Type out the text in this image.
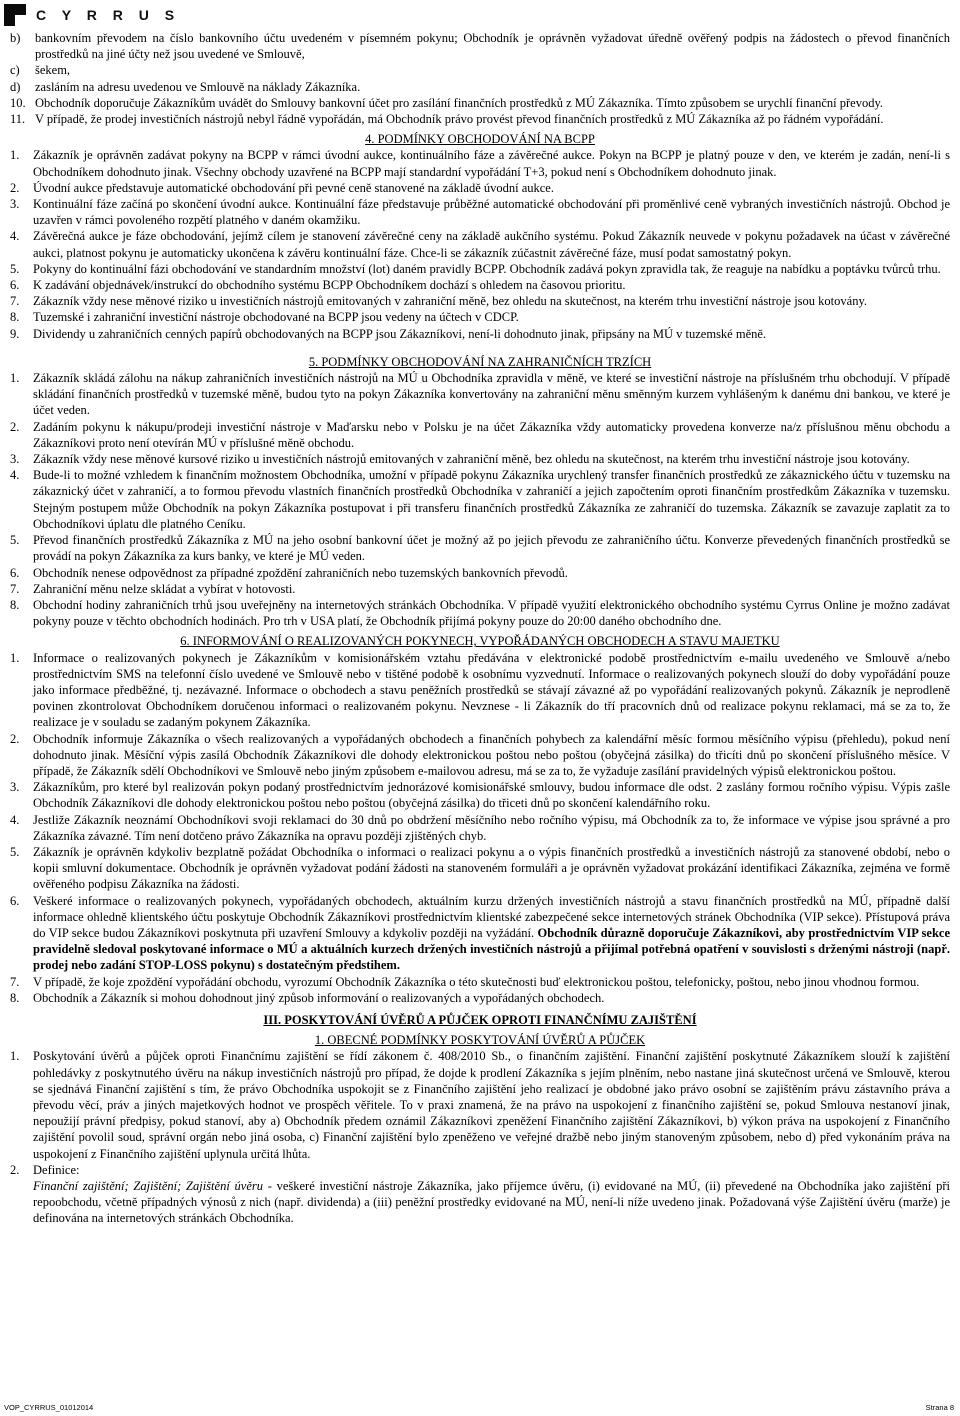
C Y R R U S
b) bankovním převodem na číslo bankovního účtu uvedeném v písemném pokynu; Obchodník je oprávněn vyžadovat úředně ověřený podpis na žádostech o převod finančních prostředků na jiné účty než jsou uvedené ve Smlouvě,
c) šekem,
d) zasláním na adresu uvedenou ve Smlouvě na náklady Zákazníka.
10. Obchodník doporučuje Zákazníkům uvádět do Smlouvy bankovní účet pro zasílání finančních prostředků z MÚ Zákazníka. Tímto způsobem se urychlí finanční převody.
11. V případě, že prodej investičních nástrojů nebyl řádně vypořádán, má Obchodník právo provést převod finančních prostředků z MÚ Zákazníka až po řádném vypořádání.
4. PODMÍNKY OBCHODOVÁNÍ NA BCPP
1. Zákazník je oprávněn zadávat pokyny na BCPP v rámci úvodní aukce, kontinuálního fáze a závěrečné aukce. Pokyn na BCPP je platný pouze v den, ve kterém je zadán, není-li s Obchodníkem dohodnuto jinak. Všechny obchody uzavřené na BCPP mají standardní vypořádání T+3, pokud není s Obchodníkem dohodnuto jinak.
2. Úvodní aukce představuje automatické obchodování při pevné ceně stanovené na základě úvodní aukce.
3. Kontinuální fáze začíná po skončení úvodní aukce. Kontinuální fáze představuje průběžné automatické obchodování při proměnlivé ceně vybraných investičních nástrojů. Obchod je uzavřen v rámci povoleného rozpětí platného v daném okamžiku.
4. Závěrečná aukce je fáze obchodování, jejímž cílem je stanovení závěrečné ceny na základě aukčního systému. Pokud Zákazník neuvede v pokynu požadavek na účast v závěrečné aukci, platnost pokynu je automaticky ukončena k závěru kontinuální fáze. Chce-li se zákazník zúčastnit závěrečné fáze, musí podat samostatný pokyn.
5. Pokyny do kontinuální fázi obchodování ve standardním množství (lot) daném pravidly BCPP. Obchodník zadává pokyn zpravidla tak, že reaguje na nabídku a poptávku tvůrců trhu.
6. K zadávání objednávek/instrukcí do obchodního systému BCPP Obchodníkem dochází s ohledem na časovou prioritu.
7. Zákazník vždy nese měnové riziko u investičních nástrojů emitovaných v zahraniční měně, bez ohledu na skutečnost, na kterém trhu investiční nástroje jsou kotovány.
8. Tuzemské i zahraniční investiční nástroje obchodované na BCPP jsou vedeny na účtech v CDCP.
9. Dividendy u zahraničních cenných papírů obchodovaných na BCPP jsou Zákazníkovi, není-li dohodnuto jinak, připsány na MÚ v tuzemské měně.
5. PODMÍNKY OBCHODOVÁNÍ NA ZAHRANIČNÍCH TRZÍCH
1. Zákazník skládá zálohu na nákup zahraničních investičních nástrojů na MÚ u Obchodníka zpravidla v měně, ve které se investiční nástroje na příslušném trhu obchodují. V případě skládání finančních prostředků v tuzemské měně, budou tyto na pokyn Zákazníka konvertovány na zahraniční měnu směnným kurzem vyhlášeným k danému dni bankou, ve které je účet veden.
2. Zadáním pokynu k nákupu/prodeji investiční nástroje v Maďarsku nebo v Polsku je na účet Zákazníka vždy automaticky provedena konverze na/z příslušnou měnu obchodu a Zákazníkovi proto není otevírán MÚ v příslušné měně obchodu.
3. Zákazník vždy nese měnové kursové riziko u investičních nástrojů emitovaných v zahraniční měně, bez ohledu na skutečnost, na kterém trhu investiční nástroje jsou kotovány.
4. Bude-li to možné vzhledem k finančním možnostem Obchodníka, umožní v případě pokynu Zákazníka urychlený transfer finančních prostředků ze zákaznického účtu v tuzemsku na zákaznický účet v zahraničí, a to formou převodu vlastních finančních prostředků Obchodníka v zahraničí a jejich započtením oproti finančním prostředkům Zákazníka v tuzemsku. Stejným postupem může Obchodník na pokyn Zákazníka postupovat i při transferu finančních prostředků Zákazníka ze zahraničí do tuzemska. Zákazník se zavazuje zaplatit za to Obchodníkovi úplatu dle platného Ceníku.
5. Převod finančních prostředků Zákazníka z MÚ na jeho osobní bankovní účet je možný až po jejich převodu ze zahraničního účtu. Konverze převedených finančních prostředků se provádí na pokyn Zákazníka za kurs banky, ve které je MÚ veden.
6. Obchodník nenese odpovědnost za případné zpoždění zahraničních nebo tuzemských bankovních převodů.
7. Zahraniční měnu nelze skládat a vybírat v hotovosti.
8. Obchodní hodiny zahraničních trhů jsou uveřejněny na internetových stránkách Obchodníka. V případě využití elektronického obchodního systému Cyrrus Online je možno zadávat pokyny pouze v těchto obchodních hodinách. Pro trh v USA platí, že Obchodník přijímá pokyny pouze do 20:00 daného obchodního dne.
6. INFORMOVÁNÍ O REALIZOVANÝCH POKYNECH, VYPOŘÁDANÝCH OBCHODECH A STAVU MAJETKU
1. Informace o realizovaných pokynech je Zákazníkům v komisionářském vztahu předávána v elektronické podobě prostřednictvím e-mailu uvedeného ve Smlouvě a/nebo prostřednictvím SMS na telefonní číslo uvedené ve Smlouvě nebo v tištěné podobě k osobnímu vyzvednutí. Informace o realizovaných pokynech slouží do doby vypořádání pouze jako informace předběžné, tj. nezávazné. Informace o obchodech a stavu peněžních prostředků se stávají závazné až po vypořádání realizovaných pokynů. Zákazník je neprodleně povinen zkontrolovat Obchodníkem doručenou informaci o realizovaném pokynu. Nevznese - li Zákazník do tří pracovních dnů od realizace pokynu reklamaci, má se za to, že realizace je v souladu se zadaným pokynem Zákazníka.
2. Obchodník informuje Zákazníka o všech realizovaných a vypořádaných obchodech a finančních pohybech za kalendářní měsíc formou měsíčního výpisu (přehledu), pokud není dohodnuto jinak. Měsíční výpis zasílá Obchodník Zákazníkovi dle dohody elektronickou poštou nebo poštou (obyčejná zásilka) do třicíti dnů po skončení příslušného měsíce. V případě, že Zákazník sdělí Obchodníkovi ve Smlouvě nebo jiným způsobem e-mailovou adresu, má se za to, že vyžaduje zasílání pravidelných výpisů elektronickou poštou.
3. Zákazníkům, pro které byl realizován pokyn podaný prostřednictvím jednorázové komisionářské smlouvy, budou informace dle odst. 2 zaslány formou ročního výpisu. Výpis zašle Obchodník Zákazníkovi dle dohody elektronickou poštou nebo poštou (obyčejná zásilka) do třiceti dnů po skončení kalendářního roku.
4. Jestliže Zákazník neoznámí Obchodníkovi svoji reklamaci do 30 dnů po obdržení měsíčního nebo ročního výpisu, má Obchodník za to, že informace ve výpise jsou správné a pro Zákazníka závazné. Tím není dotčeno právo Zákazníka na opravu později zjištěných chyb.
5. Zákazník je oprávněn kdykoliv bezplatně požádat Obchodníka o informaci o realizaci pokynu a o výpis finančních prostředků a investičních nástrojů za stanovené období, nebo o kopii smluvní dokumentace. Obchodník je oprávněn vyžadovat podání žádosti na stanoveném formuláři a je oprávněn vyžadovat prokázání identifikaci Zákazníka, zejména ve formě ověřeného podpisu Zákazníka na žádosti.
6. Veškeré informace o realizovaných pokynech, vypořádaných obchodech, aktuálním kurzu držených investičních nástrojů a stavu finančních prostředků na MÚ, případně další informace ohledně klientského účtu poskytuje Obchodník Zákazníkovi prostřednictvím klientské zabezpečené sekce internetových stránek Obchodníka (VIP sekce). Přístupová práva do VIP sekce budou Zákazníkovi poskytnuta při uzavření Smlouvy a kdykoliv později na vyžádání. Obchodník důrazně doporučuje Zákazníkovi, aby prostřednictvím VIP sekce pravidelně sledoval poskytované informace o MÚ a aktuálních kurzech držených investičních nástrojů a přijímal potřebná opatření v souvislosti s drženými nástroji (např. prodej nebo zadání STOP-LOSS pokynu) s dostatečným předstihem.
7. V případě, že koje zpoždění vypořádání obchodu, vyrozumí Obchodník Zákazníka o této skutečnosti buď elektronickou poštou, telefonicky, poštou, nebo jinou vhodnou formou.
8. Obchodník a Zákazník si mohou dohodnout jiný způsob informování o realizovaných a vypořádaných obchodech.
III. POSKYTOVÁNÍ ÚVĚRŮ A PŮJČEK OPROTI FINANČNÍMU ZAJIŠTĚNÍ
1. OBECNÉ PODMÍNKY POSKYTOVÁNÍ ÚVĚRŮ A PŮJČEK
1. Poskytování úvěrů a půjček oproti Finančnímu zajištění se řídí zákonem č. 408/2010 Sb., o finančním zajištění. Finanční zajištění poskytnuté Zákazníkem slouží k zajištění pohledávky z poskytnutého úvěru na nákup investičních nástrojů pro případ, že dojde k prodlení Zákazníka s jejím plněním, nebo nastane jiná skutečnost určená ve Smlouvě, kterou se sjednává Finanční zajištění s tím, že právo Obchodníka uspokojit se z Finančního zajištění jeho realizací je obdobné jako právo osobní se zajištěním právu zástavního práva a převodu věcí, práv a jiných majetkových hodnot ve prospěch věřitele. To v praxi znamená, že na právo na uspokojení z finančního zajištění se, pokud Smlouva nestanoví jinak, nepoužijí právní předpisy, pokud stanoví, aby a) Obchodník předem oznámil Zákazníkovi zpeněžení Finančního zajištění Zákazníkovi, b) výkon práva na uspokojení z Finančního zajištění povolil soud, správní orgán nebo jiná osoba, c) Finanční zajištění bylo zpeněženo ve veřejné dražbě nebo jiným stanoveným způsobem, nebo d) před vykonáním práva na uspokojení z Finančního zajištění uplynula určitá lhůta.
2. Definice:
Finanční zajištění; Zajištění; Zajištění úvěru - veškeré investiční nástroje Zákazníka, jako příjemce úvěru, (i) evidované na MÚ, (ii) převedené na Obchodníka jako zajištění při repoobchodu, včetně případných výnosů z nich (např. dividenda) a (iii) peněžní prostředky evidované na MÚ, není-li níže uvedeno jinak. Požadovaná výše Zajištění úvěru (marže) je definována na internetových stránkách Obchodníka.
VOP_CYRRUS_01012014	Strana 8
